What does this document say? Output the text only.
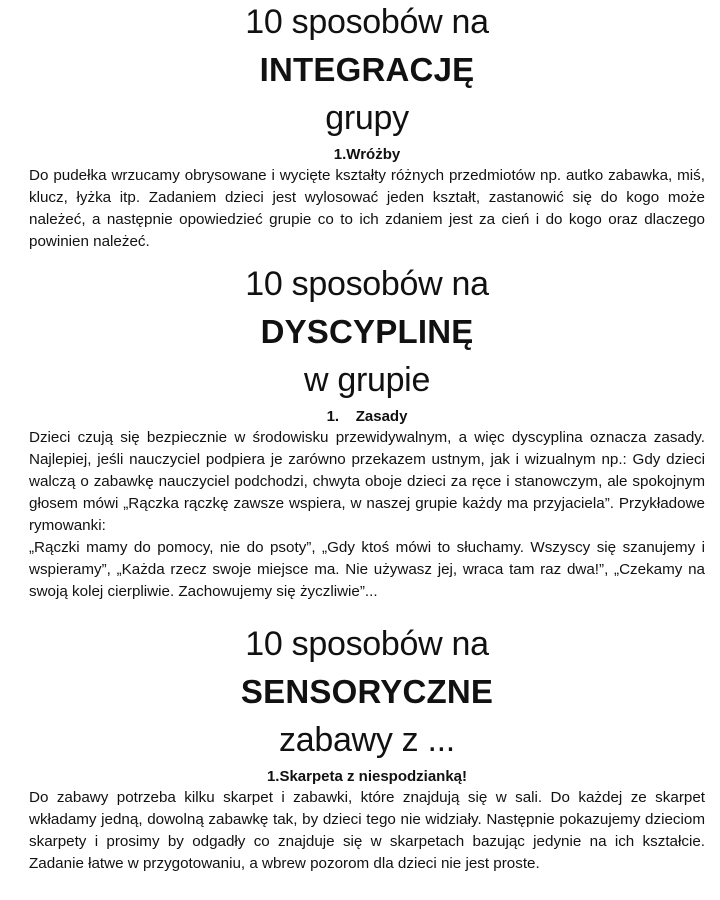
10 sposobów na
INTEGRACJĘ
grupy
1.Wróżby

Do pudełka wrzucamy obrysowane i wycięte kształty różnych przedmiotów np. autko zabawka, miś, klucz, łyżka itp. Zadaniem dzieci jest wylosować jeden kształt, zastanowić się do kogo może należeć, a następnie opowiedzieć grupie co to ich zdaniem jest za cień i do kogo oraz dlaczego powinien należeć.

10 sposobów na
DYSCYPLINĘ
w grupie
1.    Zasady

Dzieci czują się bezpiecznie w środowisku przewidywalnym, a więc dyscyplina oznacza zasady. Najlepiej, jeśli nauczyciel podpiera je zarówno przekazem ustnym, jak i wizualnym np.: Gdy dzieci walczą o zabawkę nauczyciel podchodzi, chwyta oboje dzieci za ręce i stanowczym, ale spokojnym głosem mówi „Rączka rączkę zawsze wspiera, w naszej grupie każdy ma przyjaciela”. Przykładowe rymowanki:

„Rączki mamy do pomocy, nie do psoty”, „Gdy ktoś mówi to słuchamy. Wszyscy się szanujemy i wspieramy”, „Każda rzecz swoje miejsce ma. Nie używasz jej, wraca tam raz dwa!”, „Czekamy na swoją kolej cierpliwie. Zachowujemy się życzliwie”...

10 sposobów na
SENSORYCZNE
zabawy z ...
1.Skarpeta z niespodzianką!

Do zabawy potrzeba kilku skarpet i zabawki, które znajdują się w sali. Do każdej ze skarpet wkładamy jedną, dowolną zabawkę tak, by dzieci tego nie widziały. Następnie pokazujemy dzieciom skarpety i prosimy by odgadły co znajduje się w skarpetach bazując jedynie na ich kształcie. Zadanie łatwe w przygotowaniu, a wbrew pozorom dla dzieci nie jest proste.
